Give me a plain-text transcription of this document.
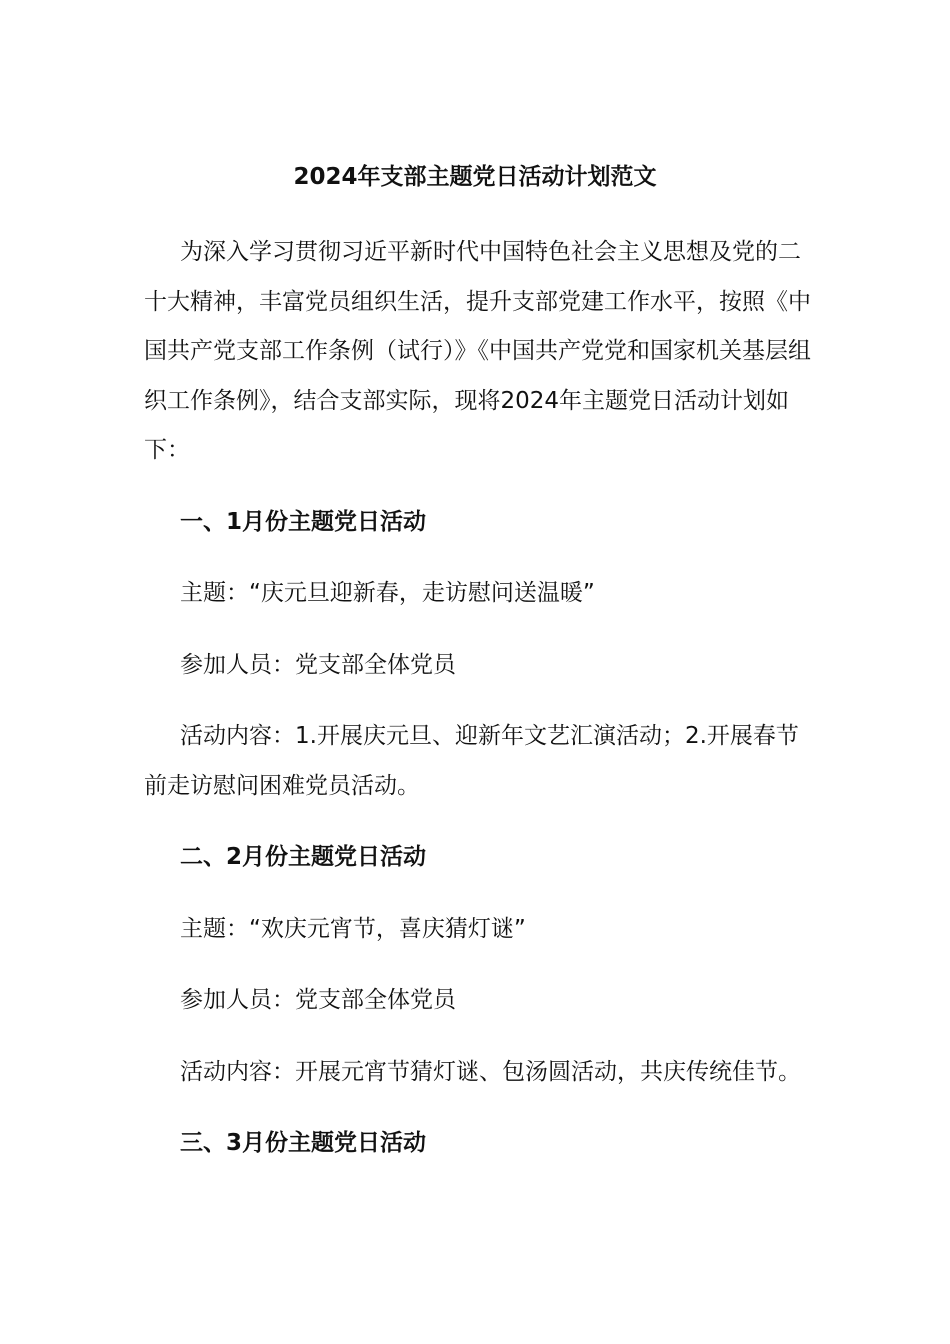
2024年支部主题党日活动计划范文

为深入学习贯彻习近平新时代中国特色社会主义思想及党的二十大精神，丰富党员组织生活，提升支部党建工作水平，按照《中国共产党支部工作条例（试行）》《中国共产党党和国家机关基层组织工作条例》，结合支部实际，现将2024年主题党日活动计划如下：

一、1月份主题党日活动

主题：“庆元旦迎新春，走访慰问送温暖”

参加人员：党支部全体党员

活动内容：1.开展庆元旦、迎新年文艺汇演活动；2.开展春节前走访慰问困难党员活动。

二、2月份主题党日活动

主题：“欢庆元宵节，喜庆猜灯谜”

参加人员：党支部全体党员

活动内容：开展元宵节猜灯谜、包汤圆活动，共庆传统佳节。

三、3月份主题党日活动
